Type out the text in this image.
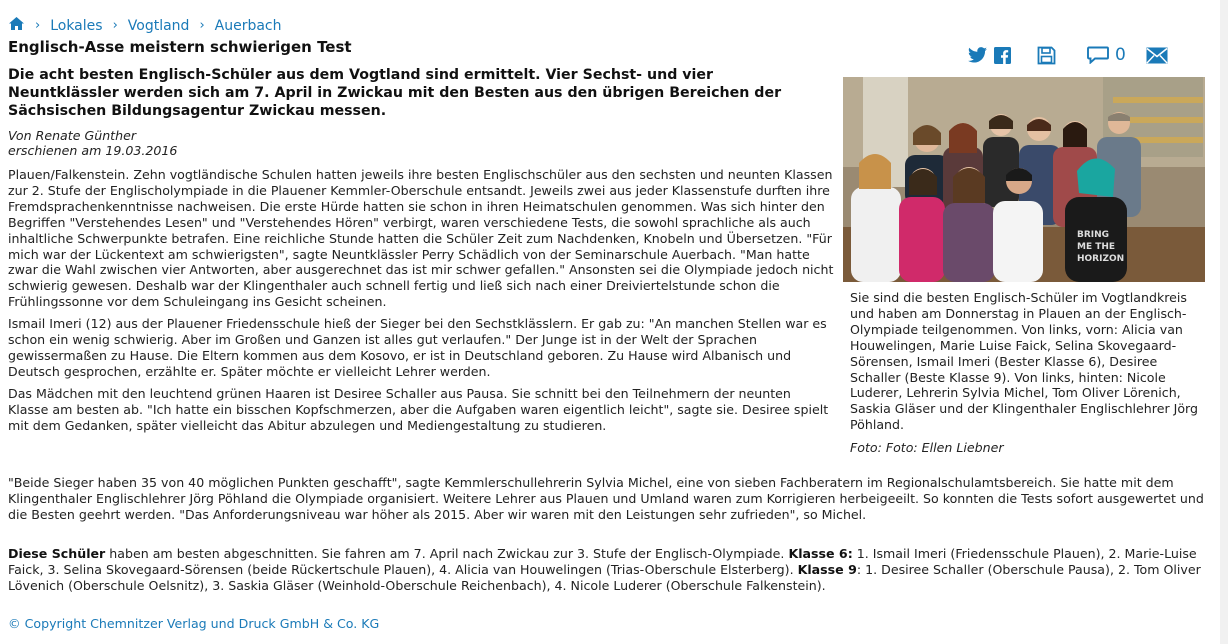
› Lokales › Vogtland › Auerbach
Englisch-Asse meistern schwierigen Test	0

Die acht besten Englisch-Schüler aus dem Vogtland sind ermittelt. Vier Sechst- und vier Neuntklässler werden sich am 7. April in Zwickau mit den Besten aus den übrigen Bereichen der Sächsischen Bildungsagentur Zwickau messen.

Von Renate Günther
erschienen am 19.03.2016

Plauen/Falkenstein. Zehn vogtländische Schulen hatten jeweils ihre besten Englischschüler aus den sechsten und neunten Klassen zur 2. Stufe der Englischolympiade in die Plauener Kemmler-Oberschule entsandt. Jeweils zwei aus jeder Klassenstufe durften ihre Fremdsprachenkenntnisse nachweisen. Die erste Hürde hatten sie schon in ihren Heimatschulen genommen. Was sich hinter den Begriffen "Verstehendes Lesen" und "Verstehendes Hören" verbirgt, waren verschiedene Tests, die sowohl sprachliche als auch inhaltliche Schwerpunkte betrafen. Eine reichliche Stunde hatten die Schüler Zeit zum Nachdenken, Knobeln und Übersetzen. "Für mich war der Lückentext am schwierigsten", sagte Neuntklässler Perry Schädlich von der Seminarschule Auerbach. "Man hatte zwar die Wahl zwischen vier Antworten, aber ausgerechnet das ist mir schwer gefallen." Ansonsten sei die Olympiade jedoch nicht schwierig gewesen. Deshalb war der Klingenthaler auch schnell fertig und ließ sich nach einer Dreiviertelstunde schon die Frühlingssonne vor dem Schuleingang ins Gesicht scheinen.

Ismail Imeri (12) aus der Plauener Friedensschule hieß der Sieger bei den Sechstklässlern. Er gab zu: "An manchen Stellen war es schon ein wenig schwierig. Aber im Großen und Ganzen ist alles gut verlaufen." Der Junge ist in der Welt der Sprachen gewissermaßen zu Hause. Die Eltern kommen aus dem Kosovo, er ist in Deutschland geboren. Zu Hause wird Albanisch und Deutsch gesprochen, erzählte er. Später möchte er vielleicht Lehrer werden.

Das Mädchen mit den leuchtend grünen Haaren ist Desiree Schaller aus Pausa. Sie schnitt bei den Teilnehmern der neunten Klasse am besten ab. "Ich hatte ein bisschen Kopfschmerzen, aber die Aufgaben waren eigentlich leicht", sagte sie. Desiree spielt mit dem Gedanken, später vielleicht das Abitur abzulegen und Mediengestaltung zu studieren.

"Beide Sieger haben 35 von 40 möglichen Punkten geschafft", sagte Kemmlerschullehrerin Sylvia Michel, eine von sieben Fachberatern im Regionalschulamtsbereich. Sie hatte mit dem Klingenthaler Englischlehrer Jörg Pöhland die Olympiade organisiert. Weitere Lehrer aus Plauen und Umland waren zum Korrigieren herbeigeeilt. So konnten die Tests sofort ausgewertet und die Besten geehrt werden. "Das Anforderungsniveau war höher als 2015. Aber wir waren mit den Leistungen sehr zufrieden", so Michel.

Diese Schüler haben am besten abgeschnitten. Sie fahren am 7. April nach Zwickau zur 3. Stufe der Englisch-Olympiade. Klasse 6: 1. Ismail Imeri (Friedensschule Plauen), 2. Marie-Luise Faick, 3. Selina Skovegaard-Sörensen (beide Rückertschule Plauen), 4. Alicia van Houwelingen (Trias-Oberschule Elsterberg). Klasse 9: 1. Desiree Schaller (Oberschule Pausa), 2. Tom Oliver Lövenich (Oberschule Oelsnitz), 3. Saskia Gläser (Weinhold-Oberschule Reichenbach), 4. Nicole Luderer (Oberschule Falkenstein).

BRING
ME THE
HORIZON

Sie sind die besten Englisch-Schüler im Vogtlandkreis und haben am Donnerstag in Plauen an der Englisch-Olympiade teilgenommen. Von links, vorn: Alicia van Houwelingen, Marie Luise Faick, Selina Skovegaard-Sörensen, Ismail Imeri (Bester Klasse 6), Desiree Schaller (Beste Klasse 9). Von links, hinten: Nicole Luderer, Lehrerin Sylvia Michel, Tom Oliver Lörenich, Saskia Gläser und der Klingenthaler Englischlehrer Jörg Pöhland.

Foto: Foto: Ellen Liebner
© Copyright Chemnitzer Verlag und Druck GmbH & Co. KG
